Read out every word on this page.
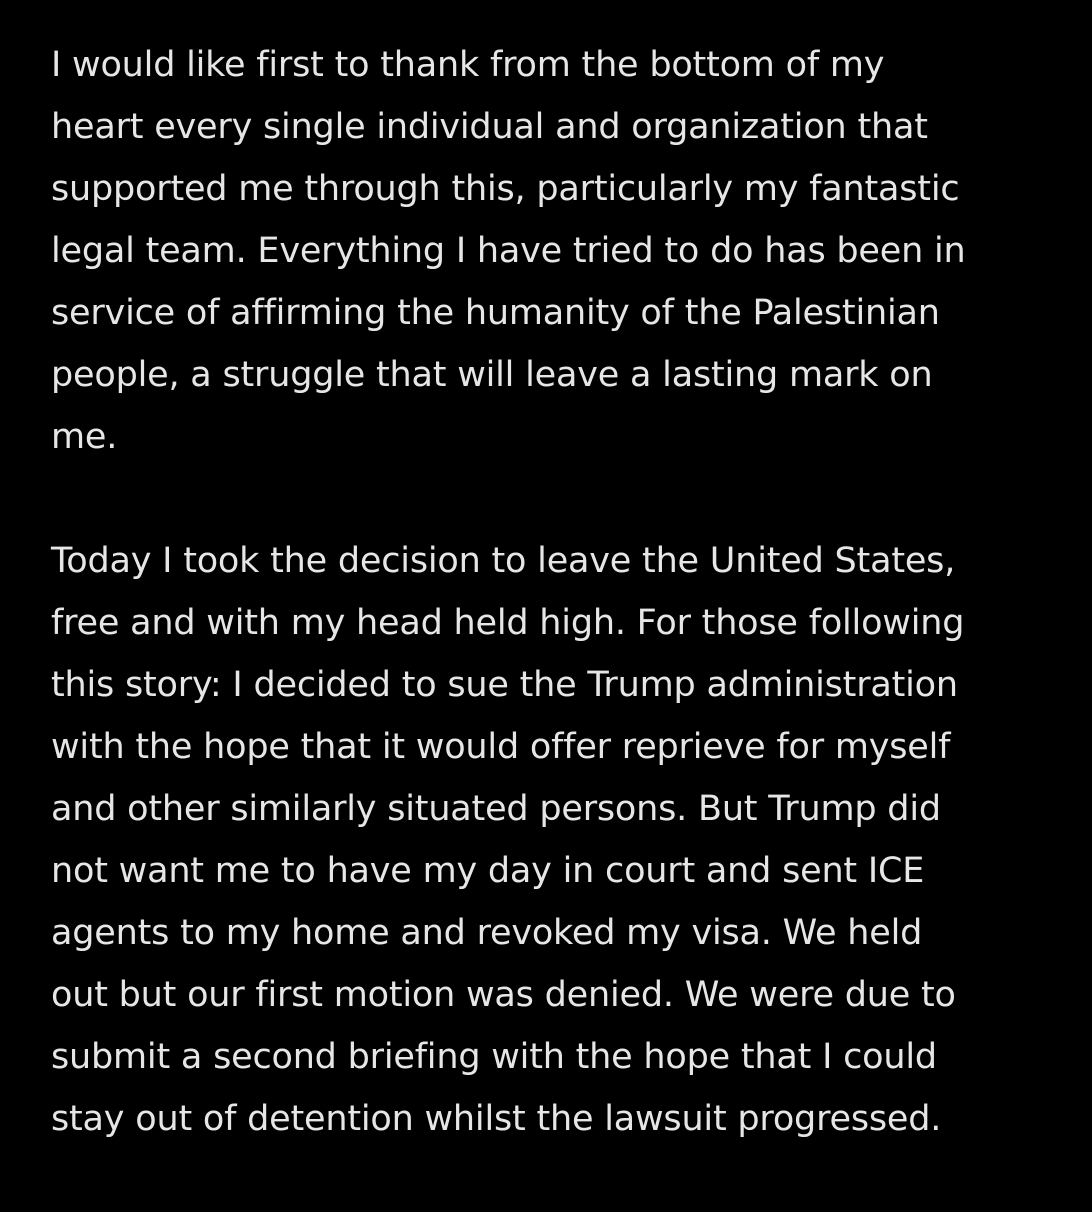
I would like first to thank from the bottom of my
heart every single individual and organization that
supported me through this, particularly my fantastic
legal team. Everything I have tried to do has been in
service of affirming the humanity of the Palestinian
people, a struggle that will leave a lasting mark on
me.

Today I took the decision to leave the United States,
free and with my head held high. For those following
this story: I decided to sue the Trump administration
with the hope that it would offer reprieve for myself
and other similarly situated persons. But Trump did
not want me to have my day in court and sent ICE
agents to my home and revoked my visa. We held
out but our first motion was denied. We were due to
submit a second briefing with the hope that I could
stay out of detention whilst the lawsuit progressed.
